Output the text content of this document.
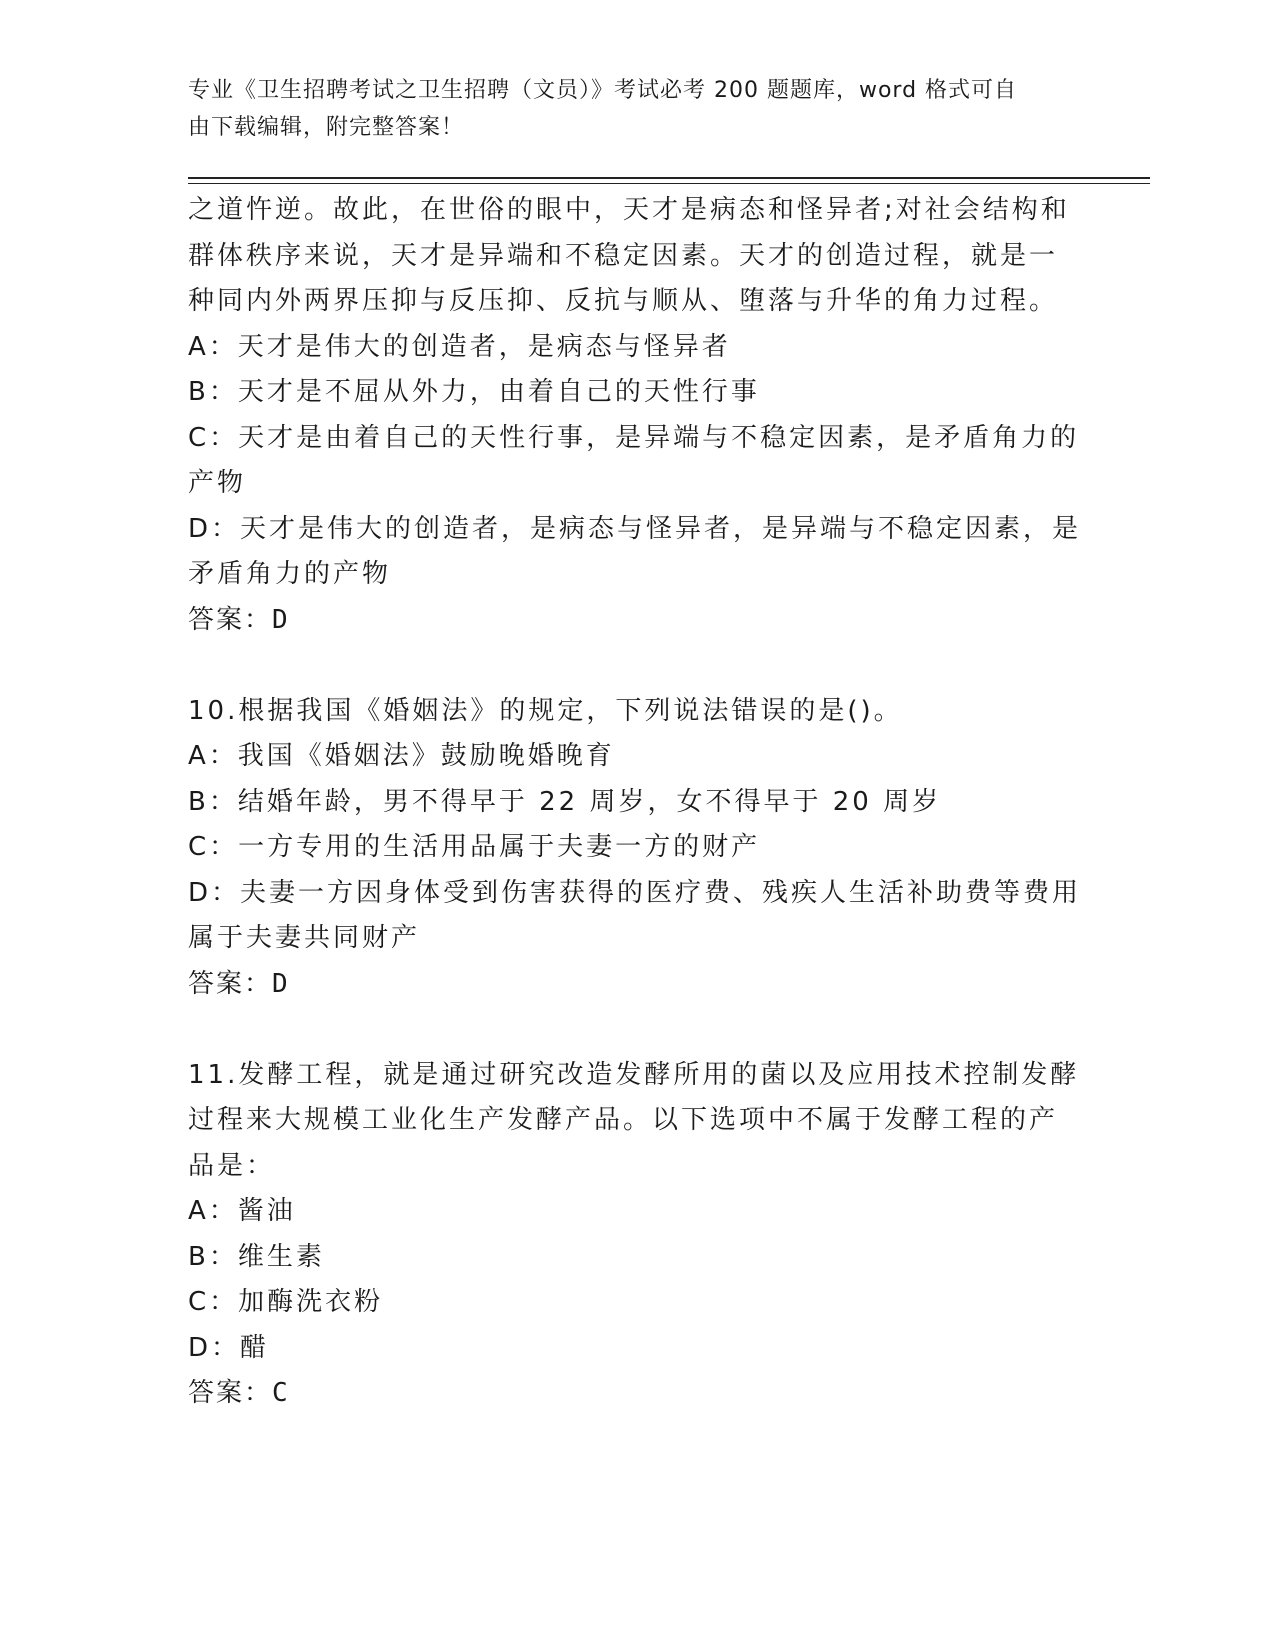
专业《卫生招聘考试之卫生招聘（文员）》考试必考 200 题题库，word 格式可自
由下载编辑，附完整答案！
之道忤逆。故此，在世俗的眼中，天才是病态和怪异者;对社会结构和
群体秩序来说，天才是异端和不稳定因素。天才的创造过程，就是一
种同内外两界压抑与反压抑、反抗与顺从、堕落与升华的角力过程。
A：天才是伟大的创造者，是病态与怪异者
B：天才是不屈从外力，由着自己的天性行事
C：天才是由着自己的天性行事，是异端与不稳定因素，是矛盾角力的
产物
D：天才是伟大的创造者，是病态与怪异者，是异端与不稳定因素，是
矛盾角力的产物
答案：D
10.根据我国《婚姻法》的规定，下列说法错误的是()。
A：我国《婚姻法》鼓励晚婚晚育
B：结婚年龄，男不得早于 22 周岁，女不得早于 20 周岁
C：一方专用的生活用品属于夫妻一方的财产
D：夫妻一方因身体受到伤害获得的医疗费、残疾人生活补助费等费用
属于夫妻共同财产
答案：D
11.发酵工程，就是通过研究改造发酵所用的菌以及应用技术控制发酵
过程来大规模工业化生产发酵产品。以下选项中不属于发酵工程的产
品是：
A：酱油
B：维生素
C：加酶洗衣粉
D：醋
答案：C
